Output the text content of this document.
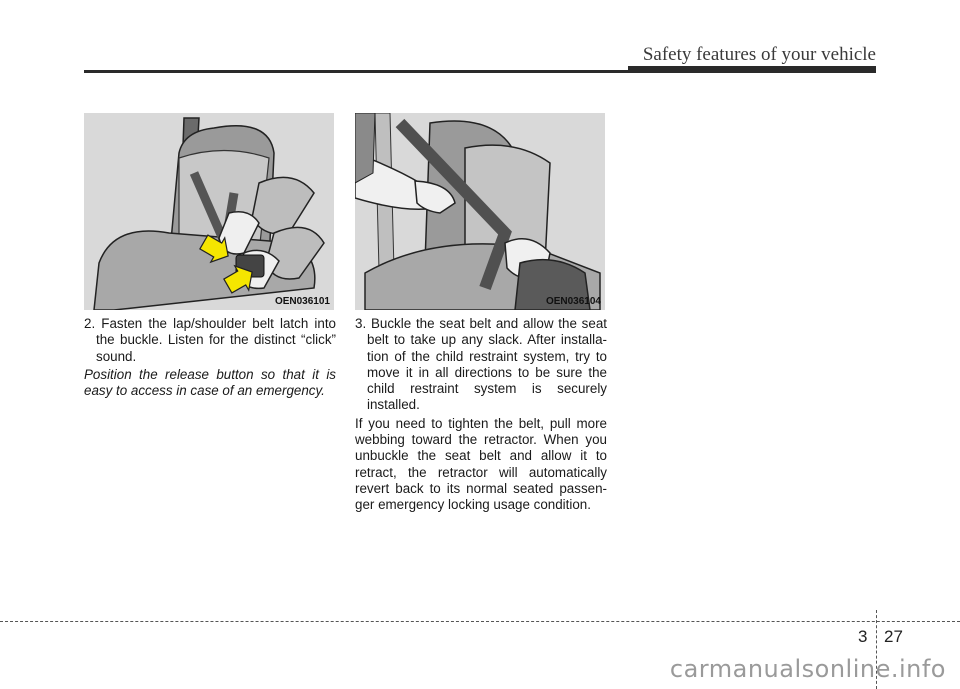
Safety features of your vehicle
OEN036101	OEN036104

2. Fasten the lap/shoulder belt latch into the buckle. Listen for the distinct “click” sound.

Position the release button so that it is easy to access in case of an emergency.

3. Buckle the seat belt and allow the seat belt to take up any slack. After installa-tion of the child restraint system, try to move it in all directions to be sure the child restraint system is securely installed.

If you need to tighten the belt, pull more webbing toward the retractor. When you unbuckle the seat belt and allow it to retract, the retractor will automatically revert back to its normal seated passen-ger emergency locking usage condition.

3 27
carmanualsonline.info
